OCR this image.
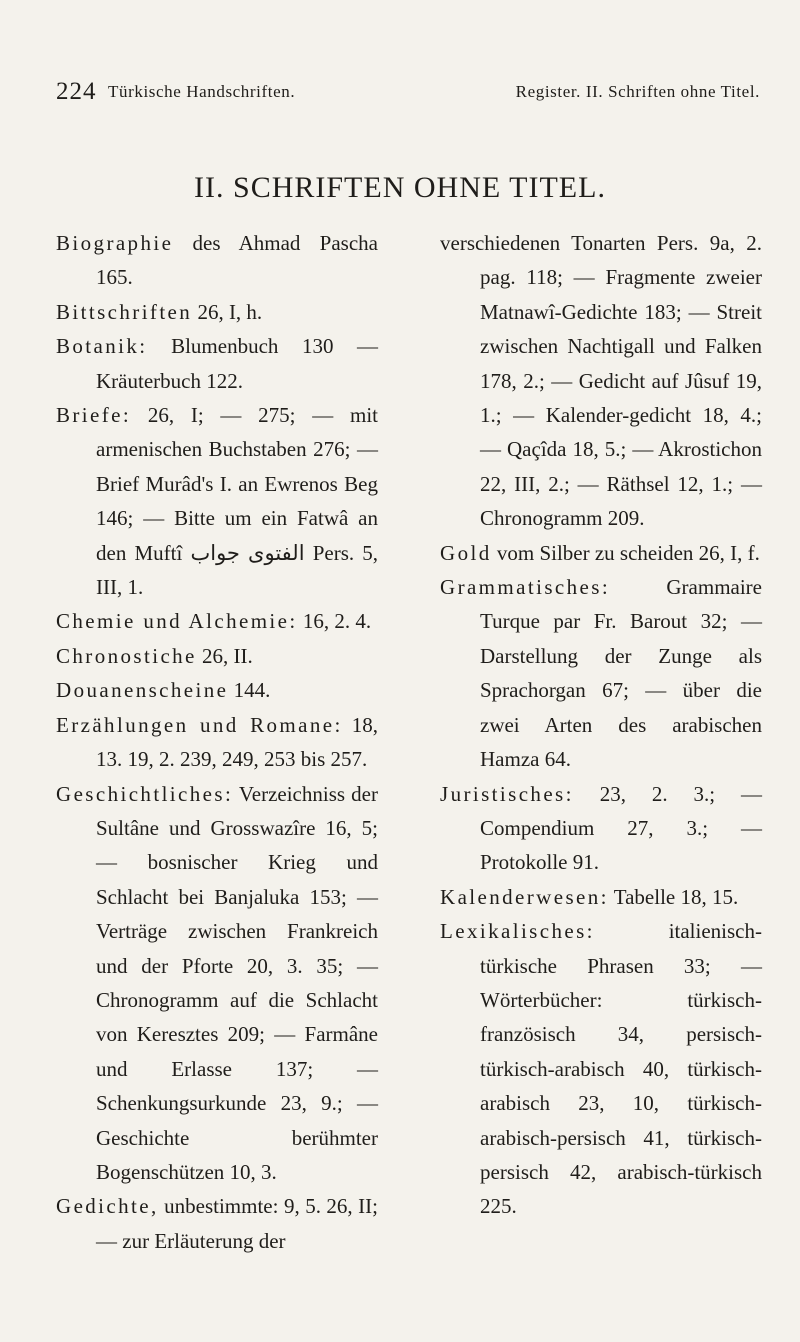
224 Türkische Handschriften.	Register. II. Schriften ohne Titel.
II. SCHRIFTEN OHNE TITEL.

Biographie des Ahmad Pascha 165.

Bittschriften 26, I, h.

Botanik: Blumenbuch 130 — Kräuterbuch 122.

Briefe: 26, I; — 275; — mit armenischen Buchstaben 276; — Brief Murâd's I. an Ewrenos Beg 146; — Bitte um ein Fatwâ an den Muftî الفتوى جواب Pers. 5, III, 1.

Chemie und Alchemie: 16, 2. 4.

Chronostiche 26, II.

Douanenscheine 144.

Erzählungen und Romane: 18, 13. 19, 2. 239, 249, 253 bis 257.

Geschichtliches: Verzeichniss der Sultâne und Grosswazîre 16, 5; — bosnischer Krieg und Schlacht bei Banjaluka 153; — Verträge zwischen Frankreich und der Pforte 20, 3. 35; — Chronogramm auf die Schlacht von Keresztes 209; — Farmâne und Erlasse 137; — Schenkungsurkunde 23, 9.; — Geschichte berühmter Bogenschützen 10, 3.

Gedichte, unbestimmte: 9, 5. 26, II; — zur Erläuterung der

verschiedenen Tonarten Pers. 9a, 2. pag. 118; — Fragmente zweier Matnawî-Gedichte 183; — Streit zwischen Nachtigall und Falken 178, 2.; — Gedicht auf Jûsuf 19, 1.; — Kalender-gedicht 18, 4.; — Qaçîda 18, 5.; — Akrostichon 22, III, 2.; — Räthsel 12, 1.; — Chronogramm 209.

Gold vom Silber zu scheiden 26, I, f.

Grammatisches: Grammaire Turque par Fr. Barout 32; — Darstellung der Zunge als Sprachorgan 67; — über die zwei Arten des arabischen Hamza 64.

Juristisches: 23, 2. 3.; — Compendium 27, 3.; — Protokolle 91.

Kalenderwesen: Tabelle 18, 15.

Lexikalisches: italienisch-türkische Phrasen 33; — Wörterbücher: türkisch-französisch 34, persisch-türkisch-arabisch 40, türkisch-arabisch 23, 10, türkisch-arabisch-persisch 41, türkisch-persisch 42, arabisch-türkisch 225.
